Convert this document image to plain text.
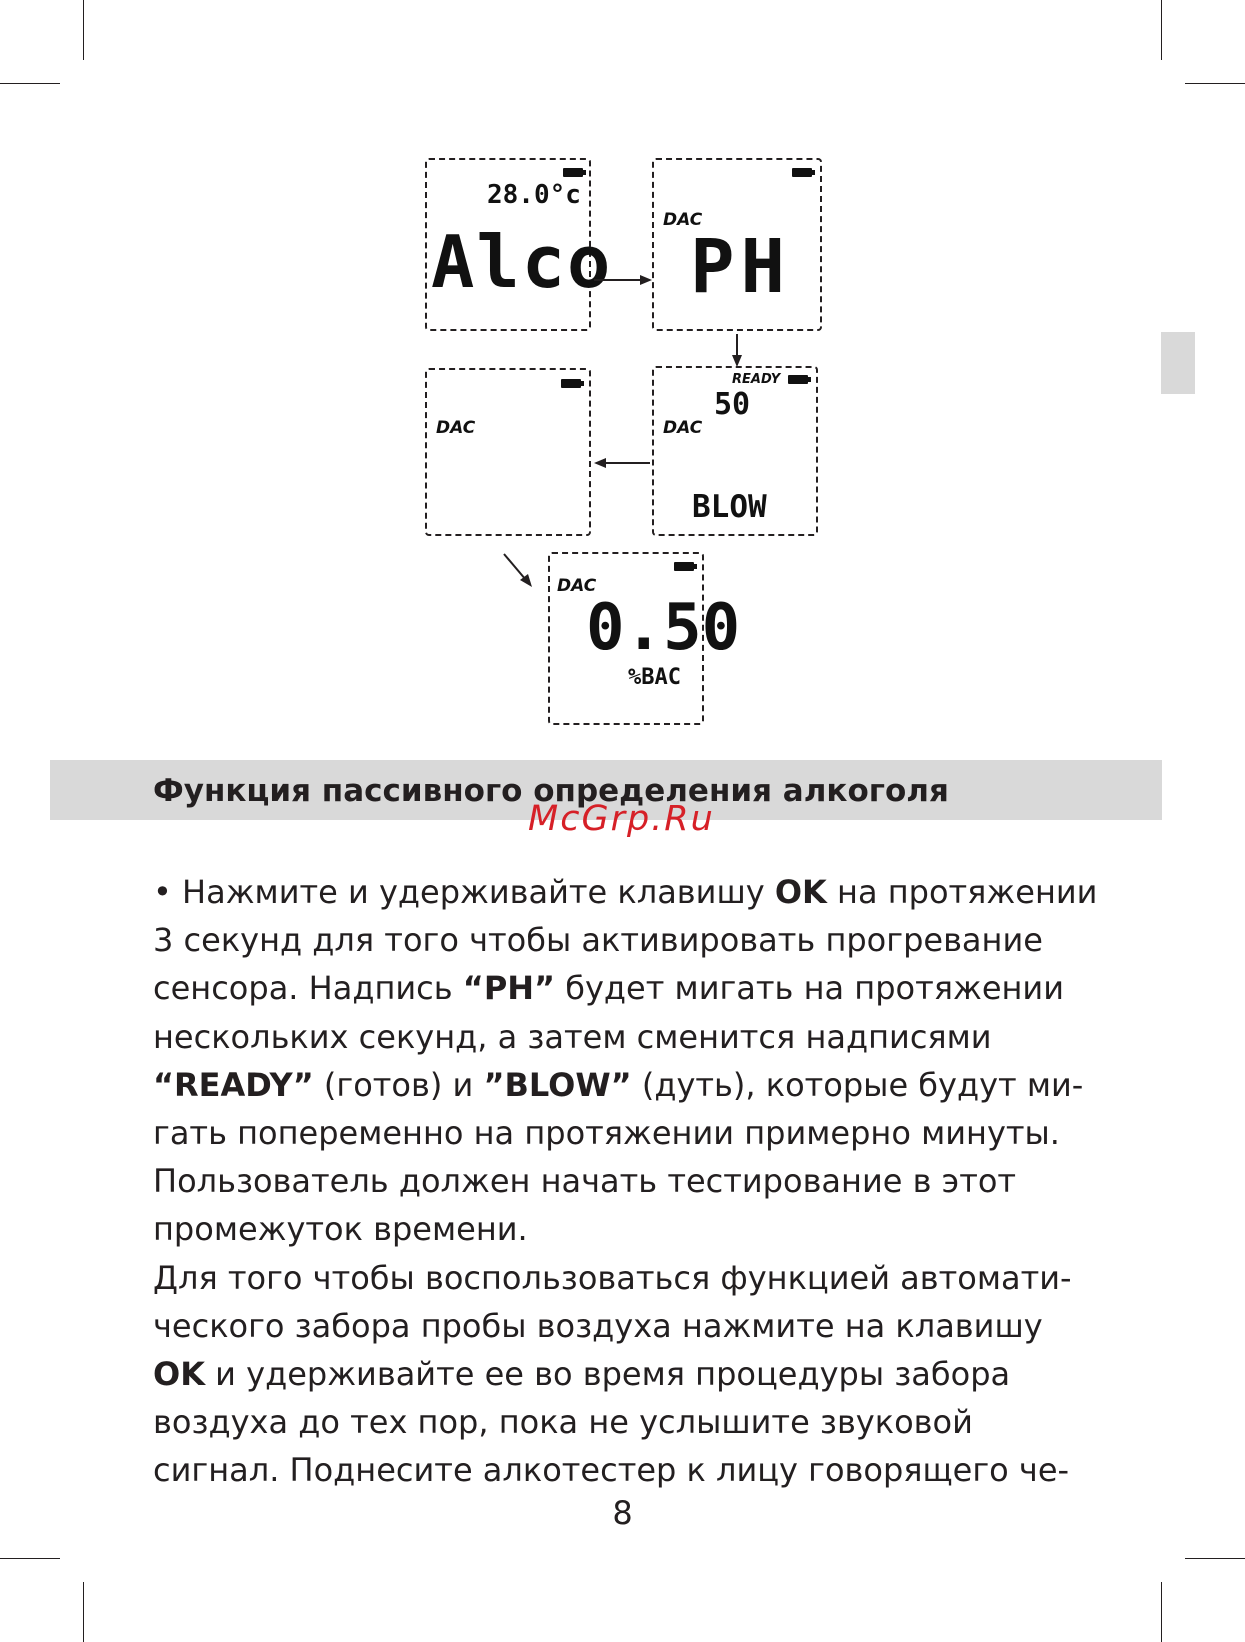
28.0°c
Alco	DAC
PH
READY
50
DAC
BLOW
DAC
DAC
0.50
%BAC
Функция пассивного определения алкоголя
McGrp.Ru
• Нажмите и удерживайте клавишу OK на протяжении
3 секунд для того чтобы активировать прогревание
сенсора. Надпись “PH” будет мигать на протяжении
нескольких секунд, а затем сменится надписями
“READY” (готов) и ”BLOW” (дуть), которые будут ми-
гать попеременно на протяжении примерно минуты.
Пользователь должен начать тестирование в этот
промежуток времени.
Для того чтобы воспользоваться функцией автомати-
ческого забора пробы воздуха нажмите на клавишу
OK и удерживайте ее во время процедуры забора
воздуха до тех пор, пока не услышите звуковой
сигнал. Поднесите алкотестер к лицу говорящего че-
8
